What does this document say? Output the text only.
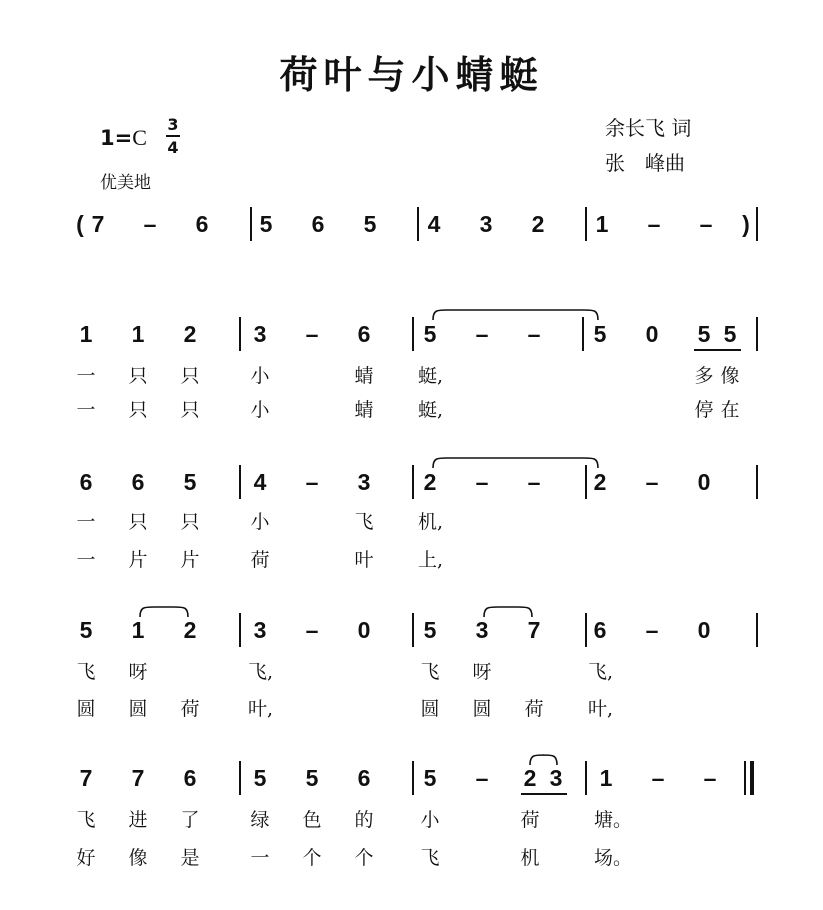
荷叶与小蜻蜓
1=C
3
4
优美地
余长飞 词
张　峰曲
( 7 – 6 5 6 5 4 3 2 1 – –	)
1 1 2 3 – 6 5 – – 5 0 5 5
一 只 只	小	蜻 蜓,	多 像
一 只 只	小	蜻 蜓,	停 在
6 6 5 4 – 3 2 – – 2 – 0
一 只 只	小	飞 机,
一 片 片	荷	叶 上,
5 1 2 3 – 0 5 3 7 6 – 0
飞 呀	飞,	飞 呀	飞,
圆 圆 荷	叶,	圆 圆 荷 叶,
7 7 6 5 5 6 5 – 2 3 1 – –
飞 进 了	绿 色 的 小	荷	塘。
好 像 是	一 个 个 飞	机	场。
